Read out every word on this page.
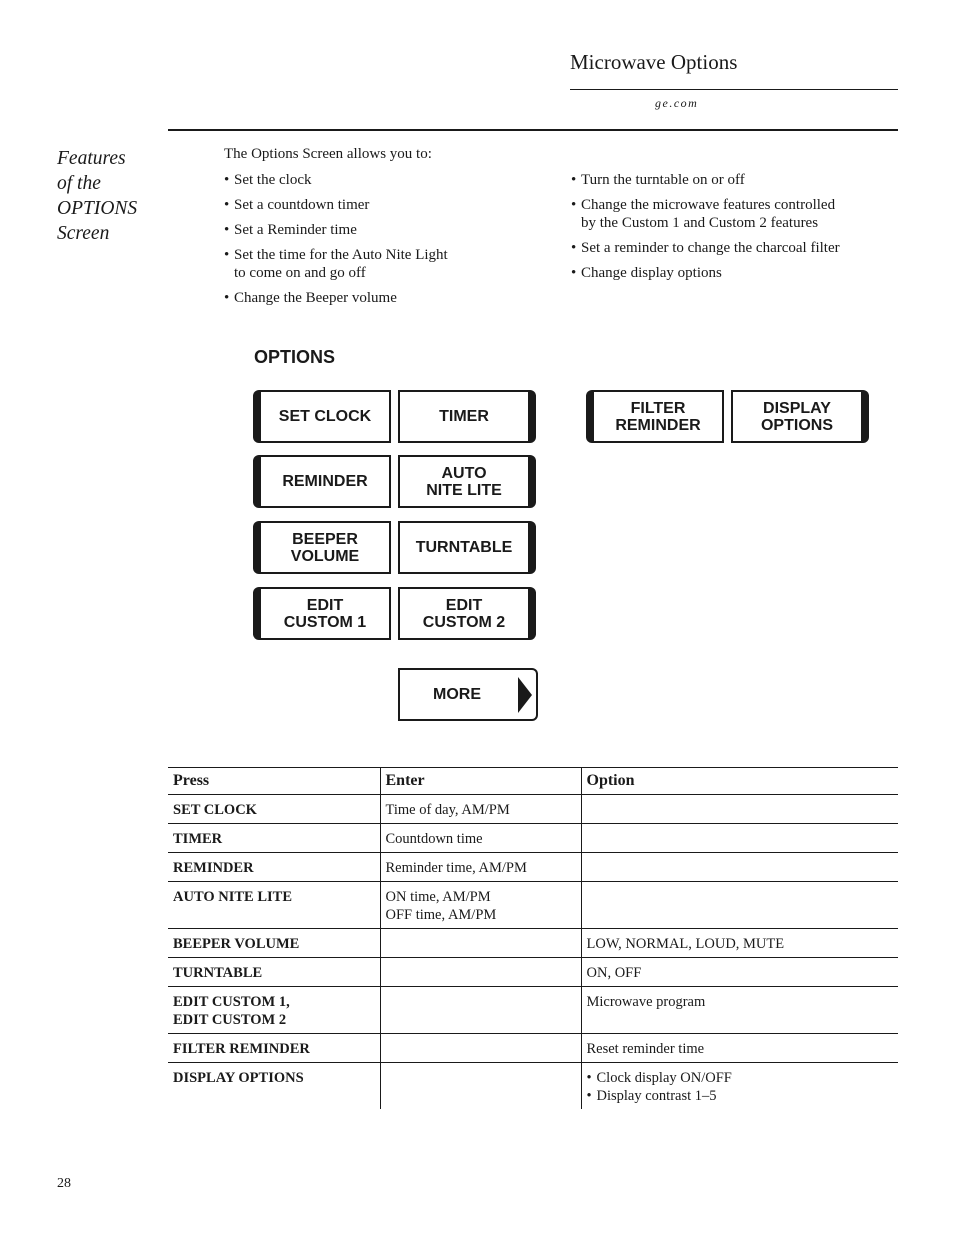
Microwave Options
ge.com
Features
of the
OPTIONS
Screen
The Options Screen allows you to:
• Set the clock
• Set a countdown timer
• Set a Reminder time
• Set the time for the Auto Nite Light
to come on and go off
• Change the Beeper volume
• Turn the turntable on or off
• Change the microwave features controlled
by the Custom 1 and Custom 2 features
• Set a reminder to change the charcoal filter
• Change display options
OPTIONS
SET CLOCK	TIMER
REMINDER	AUTO
NITE LITE
BEEPER
VOLUME	TURNTABLE
EDIT
CUSTOM 1
EDIT
CUSTOM 2
MORE
FILTER
REMINDER
DISPLAY
OPTIONS
Press	Enter	Option

SET CLOCK	Time of day, AM/PM	

TIMER	Countdown time	

REMINDER	Reminder time, AM/PM	

AUTO NITE LITE	ON time, AM/PM
OFF time, AM/PM	

BEEPER VOLUME		LOW, NORMAL, LOUD, MUTE

TURNTABLE		ON, OFF

EDIT CUSTOM 1,
EDIT CUSTOM 2		Microwave program

FILTER REMINDER		Reset reminder time

DISPLAY OPTIONS		• Clock display ON/OFF
• Display contrast 1–5
28
